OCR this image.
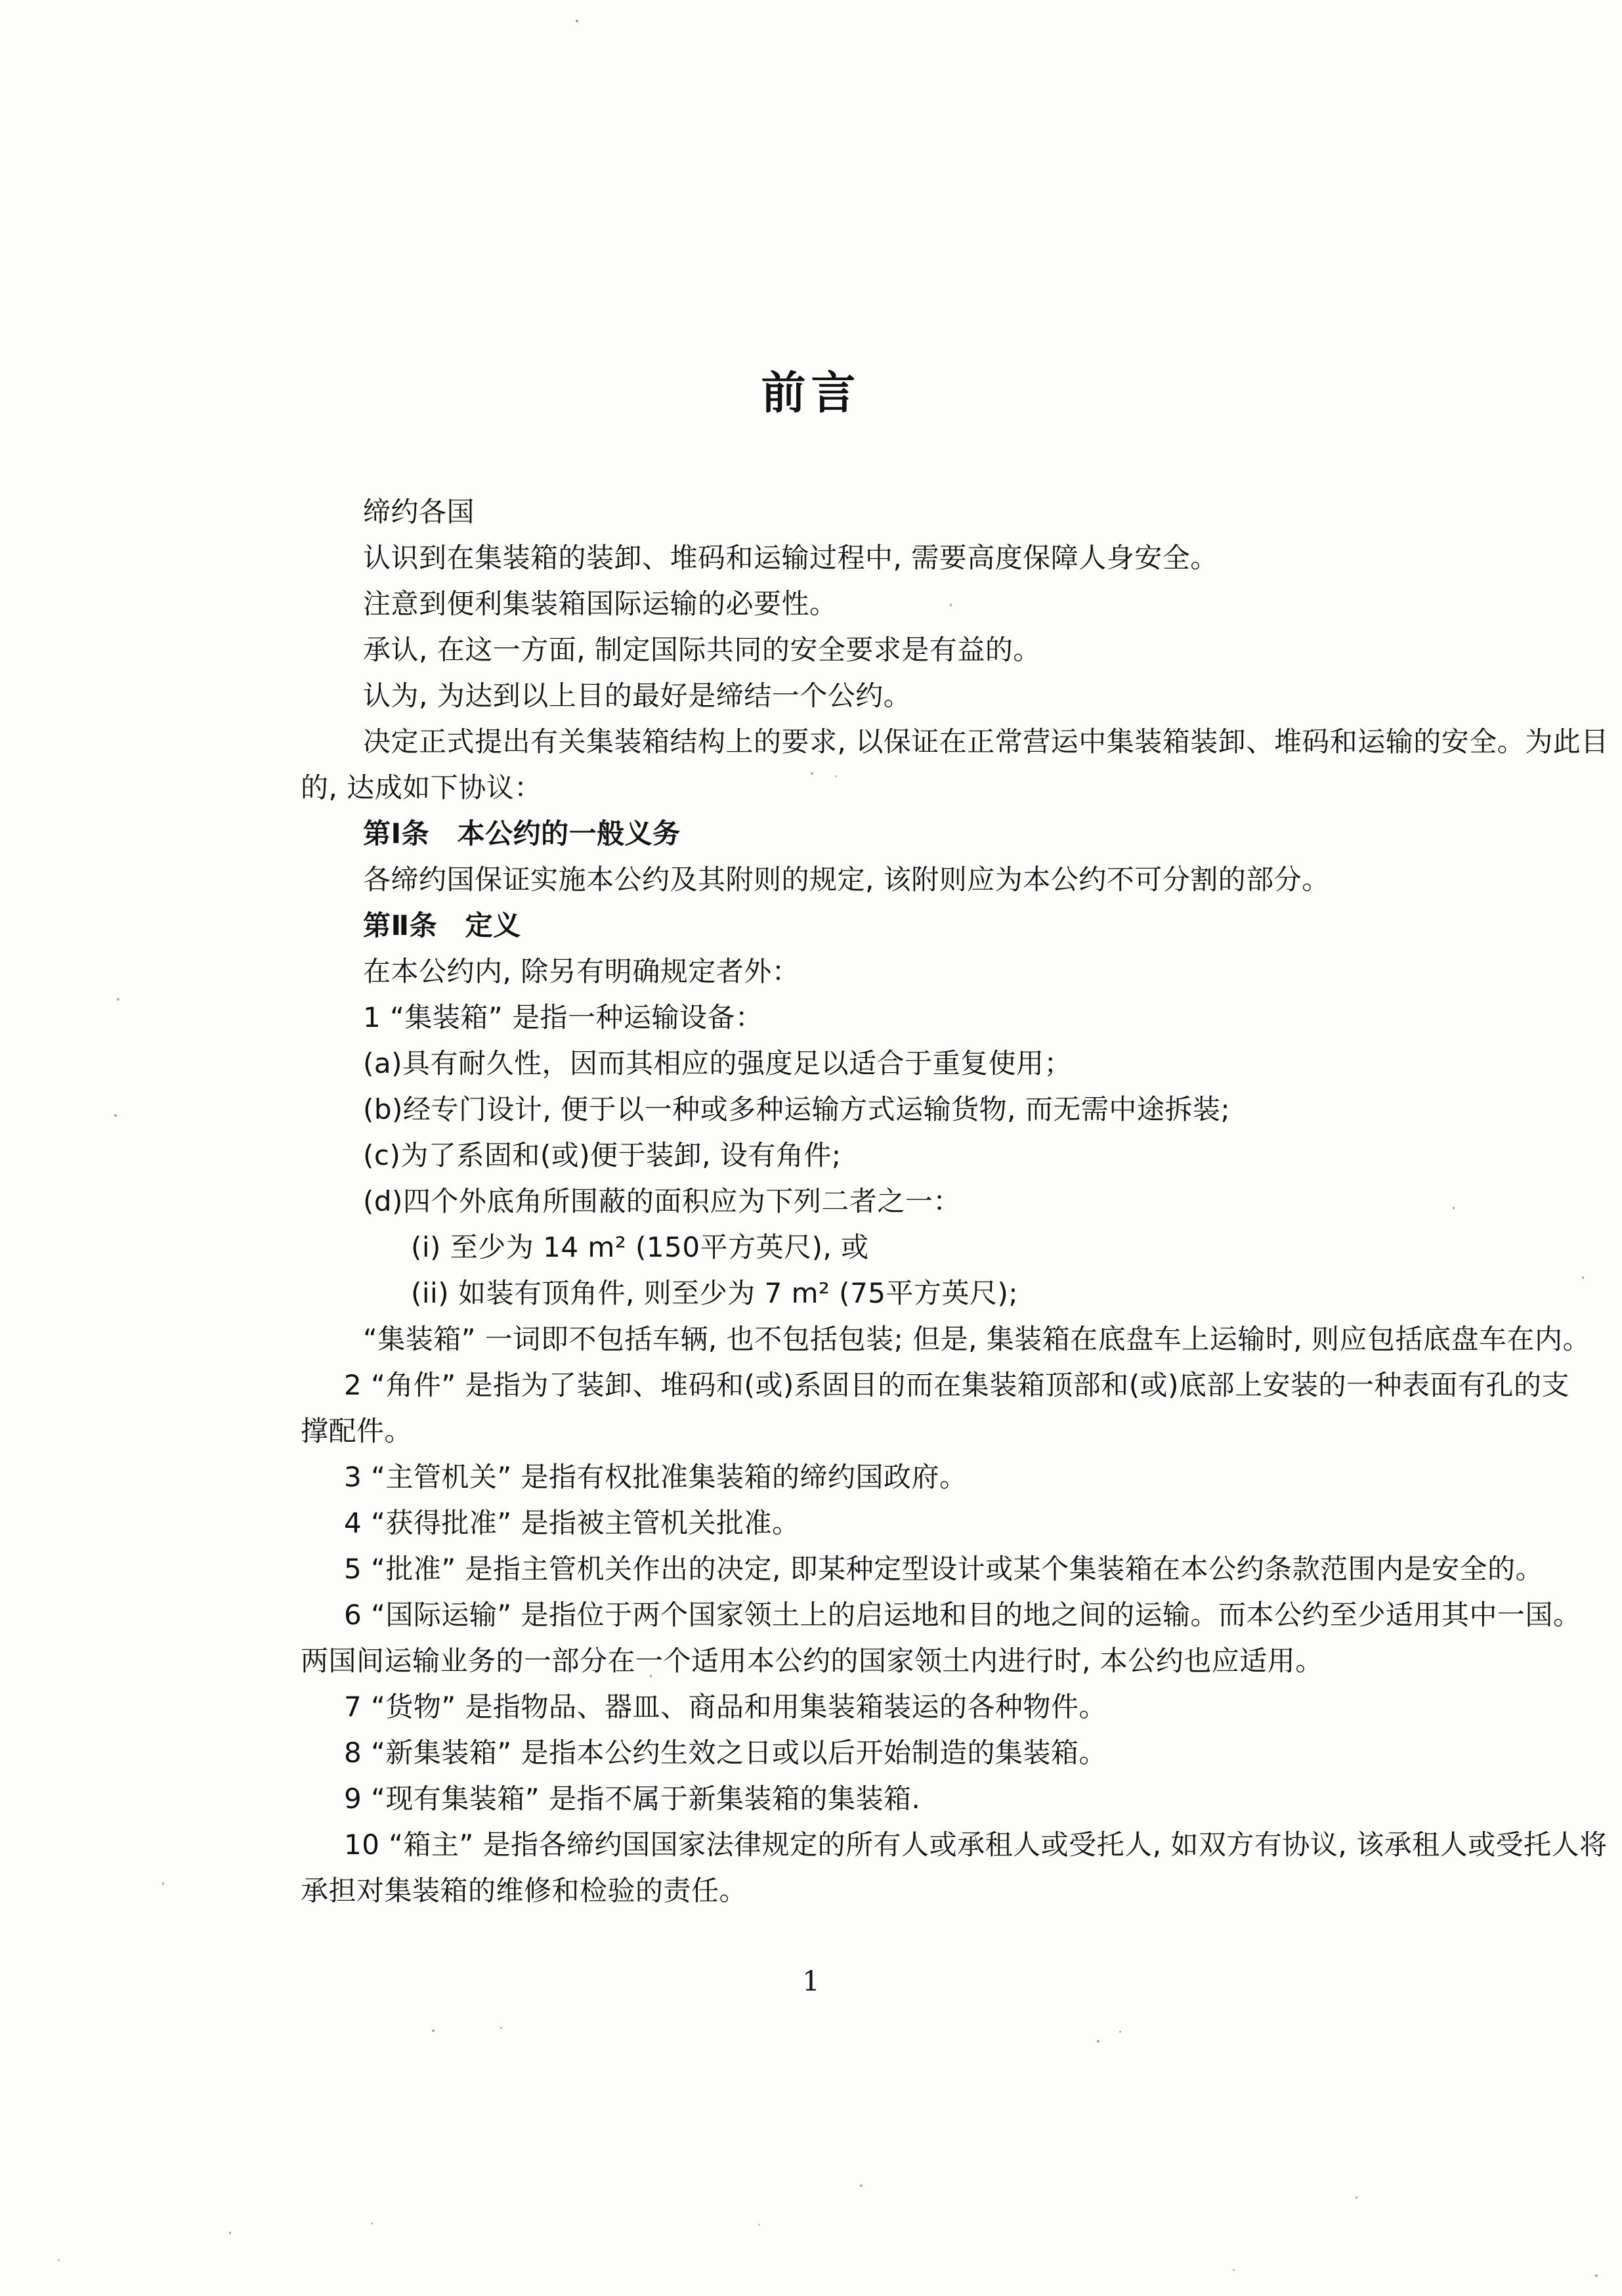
前言
缔约各国
认识到在集装箱的装卸、堆码和运输过程中, 需要高度保障人身安全。
注意到便利集装箱国际运输的必要性。
承认, 在这一方面, 制定国际共同的安全要求是有益的。
认为, 为达到以上目的最好是缔结一个公约。
决定正式提出有关集装箱结构上的要求, 以保证在正常营运中集装箱装卸、堆码和运输的安全。为此目
的, 达成如下协议：
第Ⅰ条　本公约的一般义务
各缔约国保证实施本公约及其附则的规定, 该附则应为本公约不可分割的部分。
第Ⅱ条　定义
在本公约内, 除另有明确规定者外：
1 “集装箱” 是指一种运输设备：
(a)具有耐久性，因而其相应的强度足以适合于重复使用；
(b)经专门设计, 便于以一种或多种运输方式运输货物, 而无需中途拆装;
(c)为了系固和(或)便于装卸, 设有角件;
(d)四个外底角所围蔽的面积应为下列二者之一：
(i) 至少为 14 m² (150平方英尺), 或
(ii) 如装有顶角件, 则至少为 7 m² (75平方英尺);
“集装箱” 一词即不包括车辆, 也不包括包装; 但是, 集装箱在底盘车上运输时, 则应包括底盘车在内。
2 “角件” 是指为了装卸、堆码和(或)系固目的而在集装箱顶部和(或)底部上安装的一种表面有孔的支
撑配件。
3 “主管机关” 是指有权批准集装箱的缔约国政府。
4 “获得批准” 是指被主管机关批准。
5 “批准” 是指主管机关作出的决定, 即某种定型设计或某个集装箱在本公约条款范围内是安全的。
6 “国际运输” 是指位于两个国家领土上的启运地和目的地之间的运输。而本公约至少适用其中一国。
两国间运输业务的一部分在一个适用本公约的国家领土内进行时, 本公约也应适用。
7 “货物” 是指物品、器皿、商品和用集装箱装运的各种物件。
8 “新集装箱” 是指本公约生效之日或以后开始制造的集装箱。
9 “现有集装箱” 是指不属于新集装箱的集装箱.
10 “箱主” 是指各缔约国国家法律规定的所有人或承租人或受托人, 如双方有协议, 该承租人或受托人将
承担对集装箱的维修和检验的责任。
1
